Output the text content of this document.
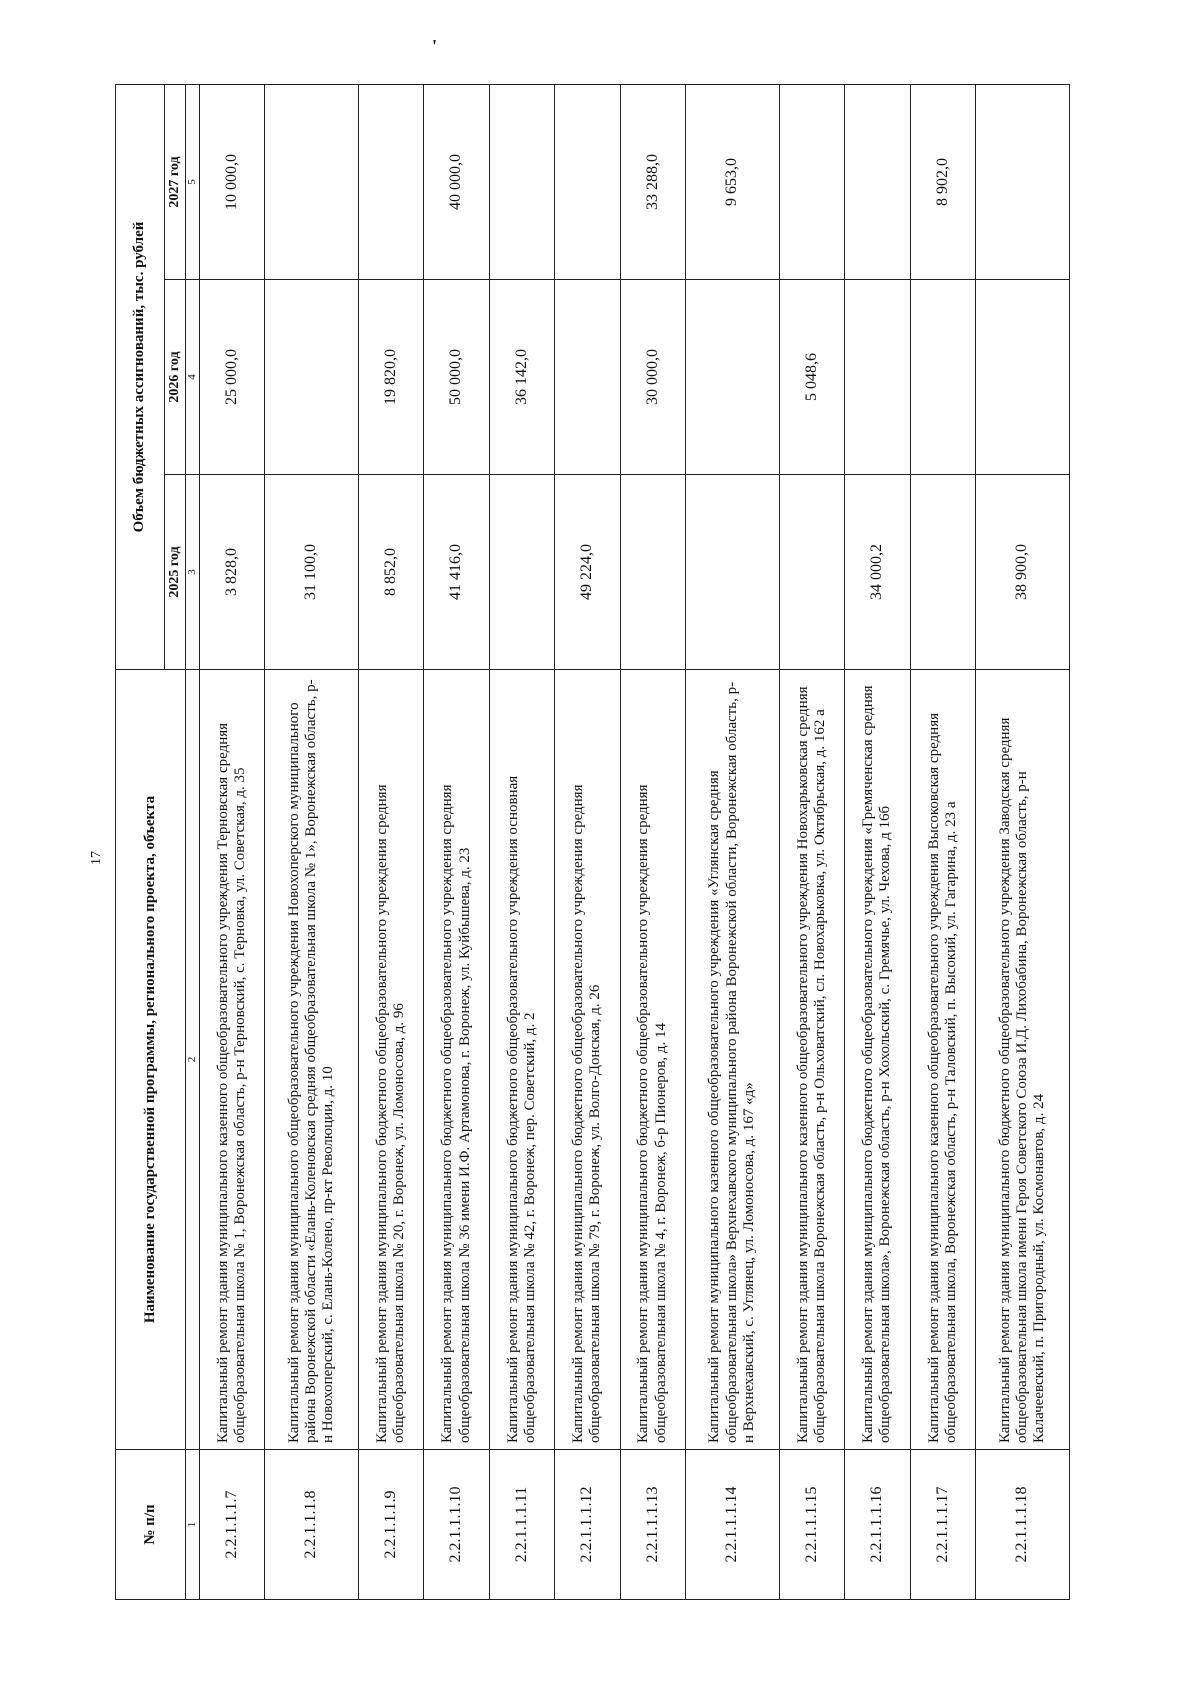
17
'
№ п/п	Наименование государственной программы, регионального проекта, объекта	Объем бюджетных ассигнований, тыс. рублей		
		2025 год	2026 год	2027 год
1	2	3	4	5
2.2.1.1.1.7	Капитальный ремонт здания муниципального казенного общеобразовательного учреждения Терновская средняя общеобразовательная школа № 1, Воронежская область, р-н Терновский, с. Терновка, ул. Советская, д. 35	3 828,0	25 000,0	10 000,0
2.2.1.1.1.8	Капитальный ремонт здания муниципального общеобразовательного учреждения Новохоперского муниципального района Воронежской области «Елань-Коленовская средняя общеобразовательная школа № 1», Воронежская область, р-н Новохоперский, с. Елань-Колено, пр-кт Революции, д. 10	31 100,0		
2.2.1.1.1.9	Капитальный ремонт здания муниципального бюджетного общеобразовательного учреждения средняя общеобразовательная школа № 20, г. Воронеж, ул. Ломоносова, д. 96	8 852,0	19 820,0	
2.2.1.1.1.10	Капитальный ремонт здания муниципального бюджетного общеобразовательного учреждения средняя общеобразовательная школа № 36 имени И.Ф. Артамонова, г. Воронеж, ул. Куйбышева, д. 23	41 416,0	50 000,0	40 000,0
2.2.1.1.1.11	Капитальный ремонт здания муниципального бюджетного общеобразовательного учреждения основная общеобразовательная школа № 42, г. Воронеж, пер. Советский, д. 2		36 142,0	
2.2.1.1.1.12	Капитальный ремонт здания муниципального бюджетного общеобразовательного учреждения средняя общеобразовательная школа № 79, г. Воронеж, ул. Волго-Донская, д. 26	49 224,0		
2.2.1.1.1.13	Капитальный ремонт здания муниципального бюджетного общеобразовательного учреждения средняя общеобразовательная школа № 4, г. Воронеж, б-р Пионеров, д. 14		30 000,0	33 288,0
2.2.1.1.1.14	Капитальный ремонт муниципального казенного общеобразовательного учреждения «Углянская средняя общеобразовательная школа» Верхнехавского муниципального района Воронежской области, Воронежская область, р-н Верхнехавский, с. Углянец, ул. Ломоносова, д. 167 «д»			9 653,0
2.2.1.1.1.15	Капитальный ремонт здания муниципального казенного общеобразовательного учреждения Новохарьковская средняя общеобразовательная школа Воронежская область, р-н Ольховатский, сл. Новохарьковка, ул. Октябрьская, д. 162 а		5 048,6	
2.2.1.1.1.16	Капитальный ремонт здания муниципального бюджетного общеобразовательного учреждения «Гремяченская средняя общеобразовательная школа», Воронежская область, р-н Хохольский, с. Гремячье, ул. Чехова, д 16б	34 000,2		
2.2.1.1.1.17	Капитальный ремонт здания муниципального казенного общеобразовательного учреждения Высоковская средняя общеобразовательная школа, Воронежская область, р-н Таловский, п. Высокий, ул. Гагарина, д. 23 а			8 902,0
2.2.1.1.1.18	Капитальный ремонт здания муниципального бюджетного общеобразовательного учреждения Заводская средняя общеобразовательная школа имени Героя Советского Союза И.Д. Лихобабина, Воронежская область, р-н Калачеевский, п. Пригородный, ул. Космонавтов, д. 24	38 900,0		
